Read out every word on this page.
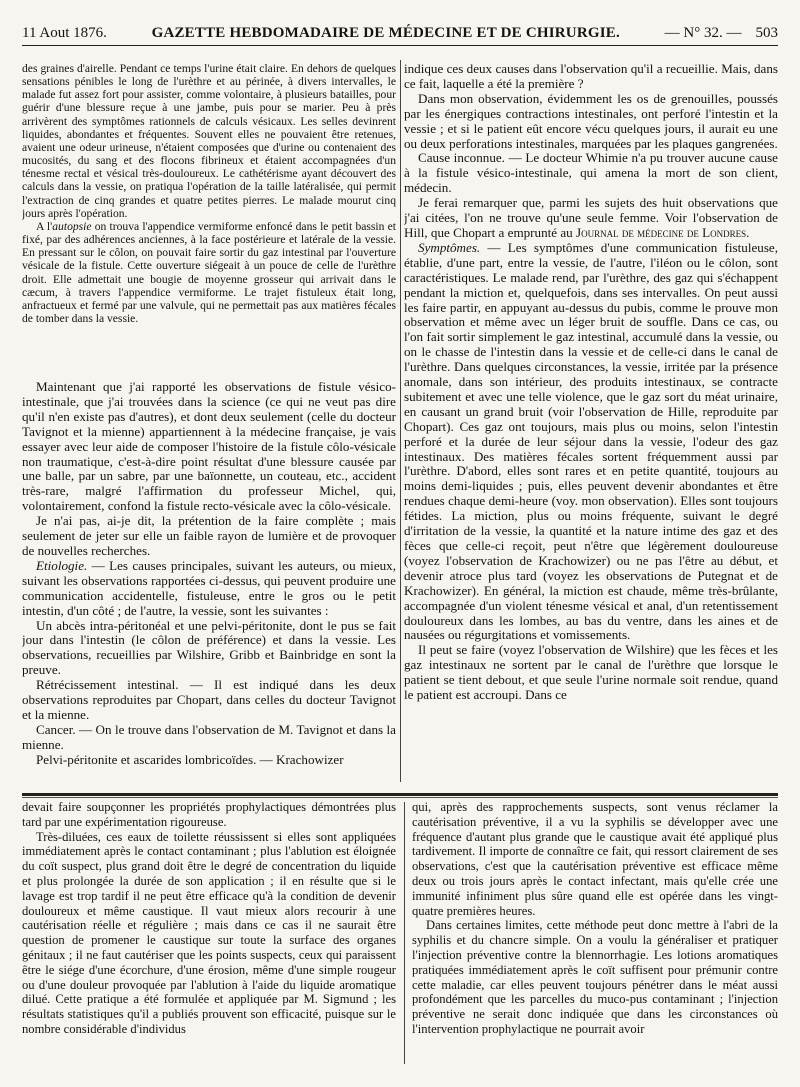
11 Aout 1876.	GAZETTE HEBDOMADAIRE DE MÉDECINE ET DE CHIRURGIE.	— N° 32. — 503

des graines d'airelle. Pendant ce temps l'urine était claire. En dehors de quelques sensations pénibles le long de l'urèthre et au périnée, à divers intervalles, le malade fut assez fort pour assister, comme volontaire, à plusieurs batailles, pour guérir d'une blessure reçue à une jambe, puis pour se marier. Peu à près arrivèrent des symptômes rationnels de calculs vésicaux. Les selles devinrent liquides, abondantes et fréquentes. Souvent elles ne pouvaient être retenues, avaient une odeur urineuse, n'étaient composées que d'urine ou contenaient des mucosités, du sang et des flocons fibrineux et étaient accompagnées d'un ténesme rectal et vésical très-douloureux. Le cathétérisme ayant découvert des calculs dans la vessie, on pratiqua l'opération de la taille latéralisée, qui permit l'extraction de cinq grandes et quatre petites pierres. Le malade mourut cinq jours après l'opération.

A l'autopsie on trouva l'appendice vermiforme enfoncé dans le petit bassin et fixé, par des adhérences anciennes, à la face postérieure et latérale de la vessie. En pressant sur le côlon, on pouvait faire sortir du gaz intestinal par l'ouverture vésicale de la fistule. Cette ouverture siégeait à un pouce de celle de l'urèthre droit. Elle admettait une bougie de moyenne grosseur qui arrivait dans le cæcum, à travers l'appendice vermiforme. Le trajet fistuleux était long, anfractueux et fermé par une valvule, qui ne permettait pas aux matières fécales de tomber dans la vessie.

Maintenant que j'ai rapporté les observations de fistule vésico-intestinale, que j'ai trouvées dans la science (ce qui ne veut pas dire qu'il n'en existe pas d'autres), et dont deux seulement (celle du docteur Tavignot et la mienne) appartiennent à la médecine française, je vais essayer avec leur aide de composer l'histoire de la fistule côlo-vésicale non traumatique, c'est-à-dire point résultat d'une blessure causée par une balle, par un sabre, par une baïonnette, un couteau, etc., accident très-rare, malgré l'affirmation du professeur Michel, qui, volontairement, confond la fistule recto-vésicale avec la côlo-vésicale.

Je n'ai pas, ai-je dit, la prétention de la faire complète ; mais seulement de jeter sur elle un faible rayon de lumière et de provoquer de nouvelles recherches.

Etiologie. — Les causes principales, suivant les auteurs, ou mieux, suivant les observations rapportées ci-dessus, qui peuvent produire une communication accidentelle, fistuleuse, entre le gros ou le petit intestin, d'un côté ; de l'autre, la vessie, sont les suivantes :

Un abcès intra-péritonéal et une pelvi-péritonite, dont le pus se fait jour dans l'intestin (le côlon de préférence) et dans la vessie. Les observations, recueillies par Wilshire, Gribb et Bainbridge en sont la preuve.

Rétrécissement intestinal. — Il est indiqué dans les deux observations reproduites par Chopart, dans celles du docteur Tavignot et la mienne.

Cancer. — On le trouve dans l'observation de M. Tavignot et dans la mienne.

Pelvi-péritonite et ascarides lombricoïdes. — Krachowizer

indique ces deux causes dans l'observation qu'il a recueillie. Mais, dans ce fait, laquelle a été la première ?

Dans mon observation, évidemment les os de grenouilles, poussés par les énergiques contractions intestinales, ont perforé l'intestin et la vessie ; et si le patient eût encore vécu quelques jours, il aurait eu une ou deux perforations intestinales, marquées par les plaques gangrenées.

Cause inconnue. — Le docteur Whimie n'a pu trouver aucune cause à la fistule vésico-intestinale, qui amena la mort de son client, médecin.

Je ferai remarquer que, parmi les sujets des huit observations que j'ai citées, l'on ne trouve qu'une seule femme. Voir l'observation de Hill, que Chopart a emprunté au Journal de médecine de Londres.

Symptômes. — Les symptômes d'une communication fistuleuse, établie, d'une part, entre la vessie, de l'autre, l'iléon ou le côlon, sont caractéristiques. Le malade rend, par l'urèthre, des gaz qui s'échappent pendant la miction et, quelquefois, dans ses intervalles. On peut aussi les faire partir, en appuyant au-dessus du pubis, comme le prouve mon observation et même avec un léger bruit de souffle. Dans ce cas, ou l'on fait sortir simplement le gaz intestinal, accumulé dans la vessie, ou on le chasse de l'intestin dans la vessie et de celle-ci dans le canal de l'urèthre. Dans quelques circonstances, la vessie, irritée par la présence anomale, dans son intérieur, des produits intestinaux, se contracte subitement et avec une telle violence, que le gaz sort du méat urinaire, en causant un grand bruit (voir l'observation de Hille, reproduite par Chopart). Ces gaz ont toujours, mais plus ou moins, selon l'intestin perforé et la durée de leur séjour dans la vessie, l'odeur des gaz intestinaux. Des matières fécales sortent fréquemment aussi par l'urèthre. D'abord, elles sont rares et en petite quantité, toujours au moins demi-liquides ; puis, elles peuvent devenir abondantes et être rendues chaque demi-heure (voy. mon observation). Elles sont toujours fétides. La miction, plus ou moins fréquente, suivant le degré d'irritation de la vessie, la quantité et la nature intime des gaz et des fèces que celle-ci reçoit, peut n'être que légèrement douloureuse (voyez l'observation de Krachowizer) ou ne pas l'être au début, et devenir atroce plus tard (voyez les observations de Putegnat et de Krachowizer). En général, la miction est chaude, même très-brûlante, accompagnée d'un violent ténesme vésical et anal, d'un retentissement douloureux dans les lombes, au bas du ventre, dans les aines et de nausées ou régurgitations et vomissements.

Il peut se faire (voyez l'observation de Wilshire) que les fèces et les gaz intestinaux ne sortent par le canal de l'urèthre que lorsque le patient se tient debout, et que seule l'urine normale soit rendue, quand le patient est accroupi. Dans ce

devait faire soupçonner les propriétés prophylactiques démontrées plus tard par une expérimentation rigoureuse.

Très-diluées, ces eaux de toilette réussissent si elles sont appliquées immédiatement après le contact contaminant ; plus l'ablution est éloignée du coït suspect, plus grand doit être le degré de concentration du liquide et plus prolongée la durée de son application ; il en résulte que si le lavage est trop tardif il ne peut être efficace qu'à la condition de devenir douloureux et même caustique. Il vaut mieux alors recourir à une cautérisation réelle et régulière ; mais dans ce cas il ne saurait être question de promener le caustique sur toute la surface des organes génitaux ; il ne faut cautériser que les points suspects, ceux qui paraissent être le siége d'une écorchure, d'une érosion, même d'une simple rougeur ou d'une douleur provoquée par l'ablution à l'aide du liquide aromatique dilué. Cette pratique a été formulée et appliquée par M. Sigmund ; les résultats statistiques qu'il a publiés prouvent son efficacité, puisque sur le nombre considérable d'individus

qui, après des rapprochements suspects, sont venus réclamer la cautérisation préventive, il a vu la syphilis se développer avec une fréquence d'autant plus grande que le caustique avait été appliqué plus tardivement. Il importe de connaître ce fait, qui ressort clairement de ses observations, c'est que la cautérisation préventive est efficace même deux ou trois jours après le contact infectant, mais qu'elle crée une immunité infiniment plus sûre quand elle est opérée dans les vingt-quatre premières heures.

Dans certaines limites, cette méthode peut donc mettre à l'abri de la syphilis et du chancre simple. On a voulu la généraliser et pratiquer l'injection préventive contre la blennorrhagie. Les lotions aromatiques pratiquées immédiatement après le coït suffisent pour prémunir contre cette maladie, car elles peuvent toujours pénétrer dans le méat aussi profondément que les parcelles du muco-pus contaminant ; l'injection préventive ne serait donc indiquée que dans les circonstances où l'intervention prophylactique ne pourrait avoir
